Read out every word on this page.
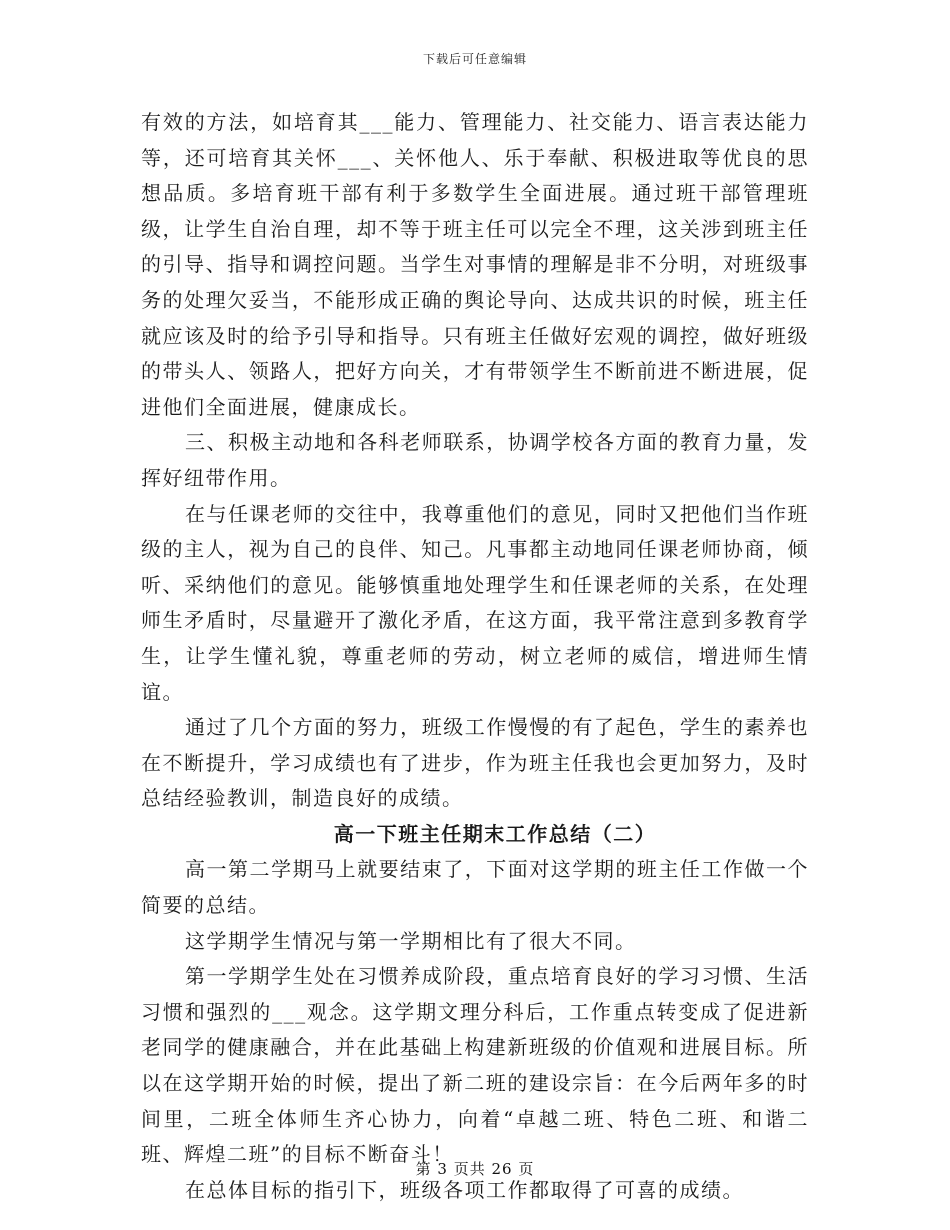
下载后可任意编辑

有效的方法，如培育其___能力、管理能力、社交能力、语言表达能力等，还可培育其关怀___、关怀他人、乐于奉献、积极进取等优良的思想品质。多培育班干部有利于多数学生全面进展。通过班干部管理班级，让学生自治自理，却不等于班主任可以完全不理，这关涉到班主任的引导、指导和调控问题。当学生对事情的理解是非不分明，对班级事务的处理欠妥当，不能形成正确的舆论导向、达成共识的时候，班主任就应该及时的给予引导和指导。只有班主任做好宏观的调控，做好班级的带头人、领路人，把好方向关，才有带领学生不断前进不断进展，促进他们全面进展，健康成长。

三、积极主动地和各科老师联系，协调学校各方面的教育力量，发挥好纽带作用。

在与任课老师的交往中，我尊重他们的意见，同时又把他们当作班级的主人，视为自己的良伴、知己。凡事都主动地同任课老师协商，倾听、采纳他们的意见。能够慎重地处理学生和任课老师的关系，在处理师生矛盾时，尽量避开了激化矛盾，在这方面，我平常注意到多教育学生，让学生懂礼貌，尊重老师的劳动，树立老师的威信，增进师生情谊。

通过了几个方面的努力，班级工作慢慢的有了起色，学生的素养也在不断提升，学习成绩也有了进步，作为班主任我也会更加努力，及时总结经验教训，制造良好的成绩。

高一下班主任期末工作总结（二）

高一第二学期马上就要结束了，下面对这学期的班主任工作做一个简要的总结。

这学期学生情况与第一学期相比有了很大不同。

第一学期学生处在习惯养成阶段，重点培育良好的学习习惯、生活习惯和强烈的___观念。这学期文理分科后，工作重点转变成了促进新老同学的健康融合，并在此基础上构建新班级的价值观和进展目标。所以在这学期开始的时候，提出了新二班的建设宗旨：在今后两年多的时间里，二班全体师生齐心协力，向着“卓越二班、特色二班、和谐二班、辉煌二班”的目标不断奋斗！

在总体目标的指引下，班级各项工作都取得了可喜的成绩。

第 3 页共 26 页
